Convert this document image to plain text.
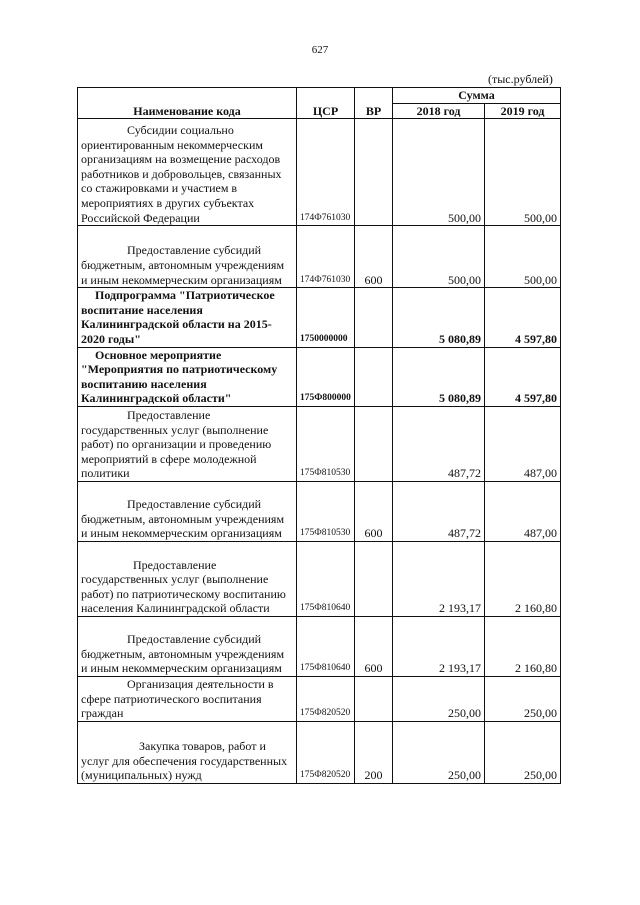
627
(тыс.рублей)
Наименование кода	ЦСР	ВР	Сумма	
			2018 год	2019 год

Субсидии социально ориентированным некоммерческим организациям на возмещение расходов работников и добровольцев, связанных со стажировками и участием в мероприятиях в других субъектах Российской Федерации	174Ф761030		500,00	500,00

Предоставление субсидий бюджетным, автономным учреждениям и иным некоммерческим организациям	174Ф761030	600	500,00	500,00

Подпрограмма "Патриотическое воспитание населения Калининградской области на 2015-2020 годы"	1750000000		5 080,89	4 597,80

Основное мероприятие "Мероприятия по патриотическому воспитанию населения Калининградской области"	175Ф800000		5 080,89	4 597,80

Предоставление государственных услуг (выполнение работ) по организации и проведению мероприятий в сфере молодежной политики	175Ф810530		487,72	487,00

Предоставление субсидий бюджетным, автономным учреждениям и иным некоммерческим организациям	175Ф810530	600	487,72	487,00

Предоставление государственных услуг (выполнение работ) по патриотическому воспитанию населения Калининградской области	175Ф810640		2 193,17	2 160,80

Предоставление субсидий бюджетным, автономным учреждениям и иным некоммерческим организациям	175Ф810640	600	2 193,17	2 160,80

Организация деятельности в сфере патриотического воспитания граждан	175Ф820520		250,00	250,00

Закупка товаров, работ и услуг для обеспечения государственных (муниципальных) нужд	175Ф820520	200	250,00	250,00
